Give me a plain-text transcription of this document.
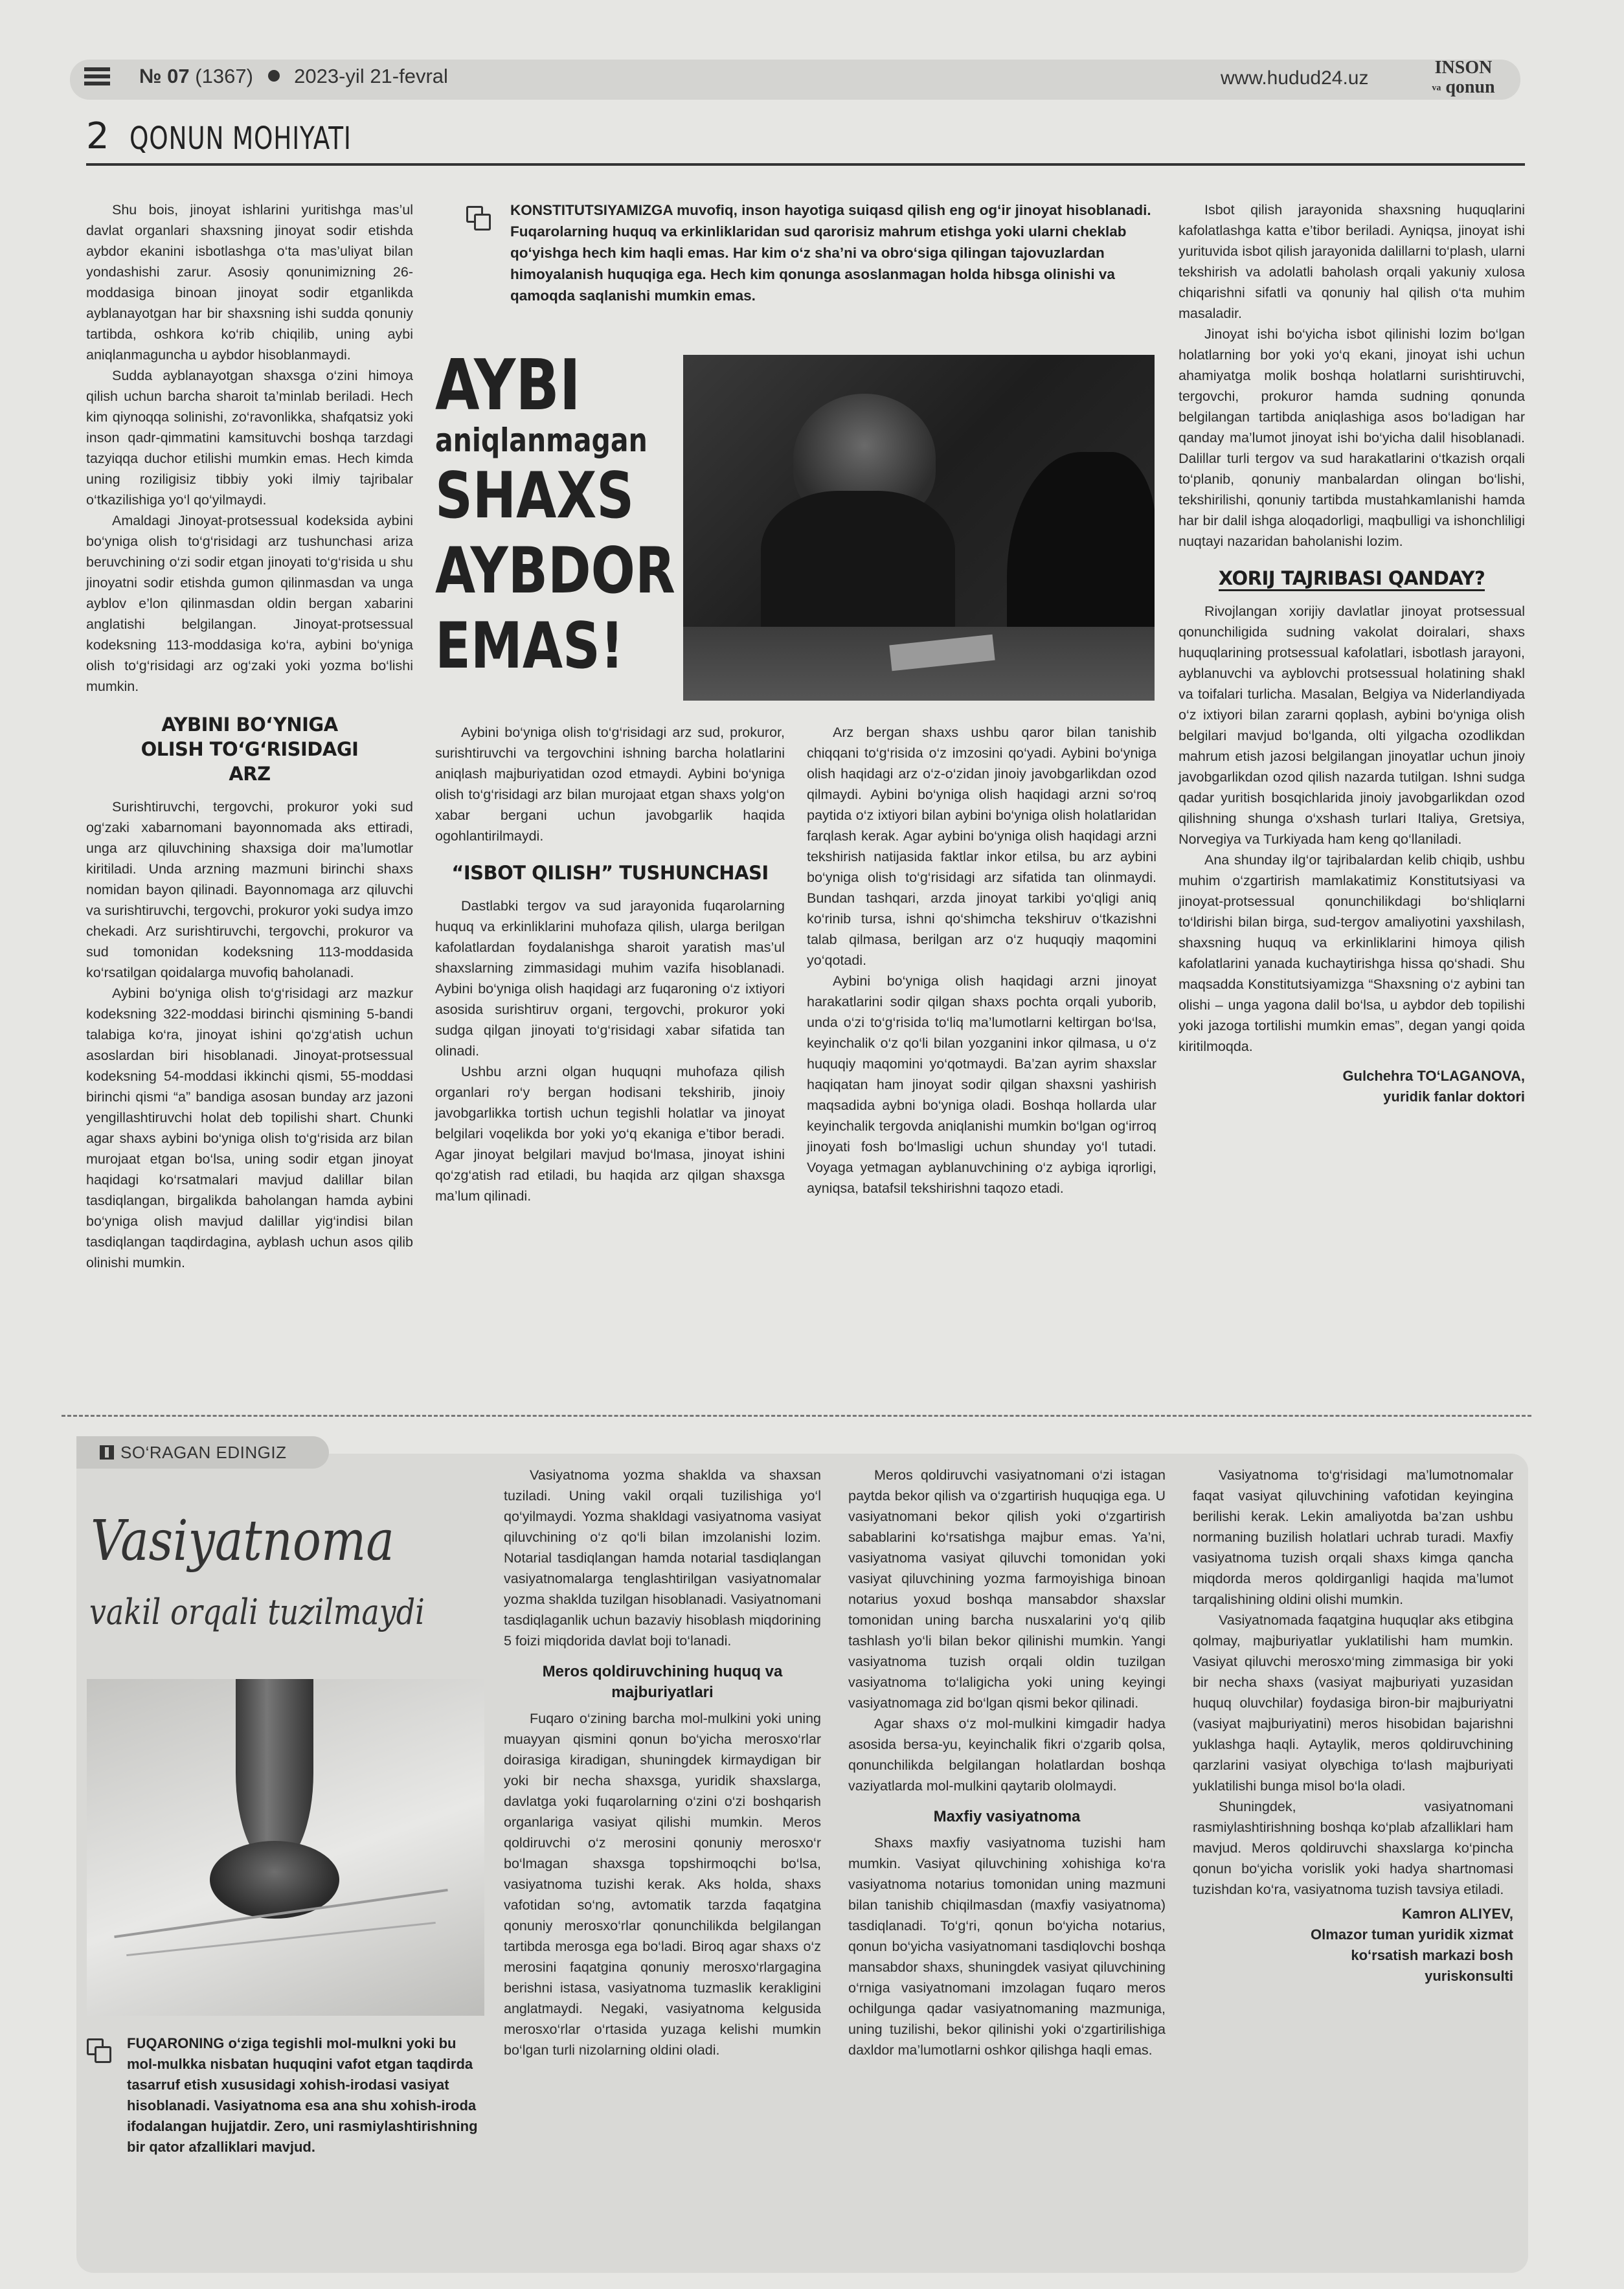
№ 07 (1367) 2023-yil 21-fevral	www.hudud24.uz	INSON
va qonun
2 QONUN MOHIYATI
KONSTITUTSIYAMIZGA muvofiq, inson hayotiga suiqasd qilish eng og‘ir jinoyat hisoblanadi. Fuqarolarning huquq va erkinliklaridan sud qarorisiz mahrum etishga yoki ularni cheklab qo‘yishga hech kim haqli emas. Har kim o‘z sha’ni va obro‘siga qilingan tajovuzlardan himoyalanish huquqiga ega. Hech kim qonunga asoslanmagan holda hibsga olinishi va qamoqda saqlanishi mumkin emas.
AYBI
aniqlanmagan
SHAXS
AYBDOR
EMAS!

Shu bois, jinoyat ishlarini yuritishga mas’ul davlat organlari shaxsning jinoyat sodir etishda aybdor ekanini isbotlashga o‘ta mas’uliyat bilan yondashishi zarur. Asosiy qonunimizning 26-moddasiga binoan jinoyat sodir etganlikda ayblanayotgan har bir shaxsning ishi sudda qonuniy tartibda, oshkora ko‘rib chiqilib, uning aybi aniqlanmaguncha u aybdor hisoblanmaydi.

Sudda ayblanayotgan shaxsga o‘zini himoya qilish uchun barcha sharoit ta’minlab beriladi. Hech kim qiynoqqa solinishi, zo‘ravonlikka, shafqatsiz yoki inson qadr-qimmatini kamsituvchi boshqa tarzdagi tazyiqqa duchor etilishi mumkin emas. Hech kimda uning roziligisiz tibbiy yoki ilmiy tajribalar o‘tkazilishiga yo‘l qo‘yilmaydi.

Amaldagi Jinoyat-protsessual kodeksida aybini bo‘yniga olish to‘g‘risidagi arz tushunchasi ariza beruvchining o‘zi sodir etgan jinoyati to‘g‘risida u shu jinoyatni sodir etishda gumon qilinmasdan va unga ayblov e’lon qilinmasdan oldin bergan xabarini anglatishi belgilangan. Jinoyat-protsessual kodeksning 113-moddasiga ko‘ra, aybini bo‘yniga olish to‘g‘risidagi arz og‘zaki yoki yozma bo‘lishi mumkin.

AYBINI BO‘YNIGA OLISH TO‘G‘RISIDAGI ARZ

Surishtiruvchi, tergovchi, prokuror yoki sud og‘zaki xabarnomani bayonnomada aks ettiradi, unga arz qiluvchining shaxsiga doir ma’lumotlar kiritiladi. Unda arzning mazmuni birinchi shaxs nomidan bayon qilinadi. Bayonnomaga arz qiluvchi va surishtiruvchi, tergovchi, prokuror yoki sudya imzo chekadi. Arz surishtiruvchi, tergovchi, prokuror va sud tomonidan kodeksning 113-moddasida ko‘rsatilgan qoidalarga muvofiq baholanadi.

Aybini bo‘yniga olish to‘g‘risidagi arz mazkur kodeksning 322-moddasi birinchi qismining 5-bandi talabiga ko‘ra, jinoyat ishini qo‘zg‘atish uchun asoslardan biri hisoblanadi. Jinoyat-protsessual kodeksning 54-moddasi ikkinchi qismi, 55-moddasi birinchi qismi “a” bandiga asosan bunday arz jazoni yengillashtiruvchi holat deb topilishi shart. Chunki agar shaxs aybini bo‘yniga olish to‘g‘risida arz bilan murojaat etgan bo‘lsa, uning sodir etgan jinoyat haqidagi ko‘rsatmalari mavjud dalillar bilan tasdiqlangan, birgalikda baholangan hamda aybini bo‘yniga olish mavjud dalillar yig‘indisi bilan tasdiqlangan taqdirdagina, ayblash uchun asos qilib olinishi mumkin.

Aybini bo‘yniga olish to‘g‘risidagi arz sud, prokuror, surishtiruvchi va tergovchini ishning barcha holatlarini aniqlash majburiyatidan ozod etmaydi. Aybini bo‘yniga olish to‘g‘risidagi arz bilan murojaat etgan shaxs yolg‘on xabar bergani uchun javobgarlik haqida ogohlantirilmaydi.

“ISBOT QILISH” TUSHUNCHASI

Dastlabki tergov va sud jarayonida fuqarolarning huquq va erkinliklarini muhofaza qilish, ularga berilgan kafolatlardan foydalanishga sharoit yaratish mas’ul shaxslarning zimmasidagi muhim vazifa hisoblanadi. Aybini bo‘yniga olish haqidagi arz fuqaroning o‘z ixtiyori asosida surishtiruv organi, tergovchi, prokuror yoki sudga qilgan jinoyati to‘g‘risidagi xabar sifatida tan olinadi.

Ushbu arzni olgan huquqni muhofaza qilish organlari ro‘y bergan hodisani tekshirib, jinoiy javobgarlikka tortish uchun tegishli holatlar va jinoyat belgilari voqelikda bor yoki yo‘q ekaniga e’tibor beradi. Agar jinoyat belgilari mavjud bo‘lmasa, jinoyat ishini qo‘zg‘atish rad etiladi, bu haqida arz qilgan shaxsga ma’lum qilinadi.

Arz bergan shaxs ushbu qaror bilan tanishib chiqqani to‘g‘risida o‘z imzosini qo‘yadi. Aybini bo‘yniga olish haqidagi arz o‘z-o‘zidan jinoiy javobgarlikdan ozod qilmaydi. Aybini bo‘yniga olish haqidagi arzni so‘roq paytida o‘z ixtiyori bilan aybini bo‘yniga olish holatlaridan farqlash kerak. Agar aybini bo‘yniga olish haqidagi arzni tekshirish natijasida faktlar inkor etilsa, bu arz aybini bo‘yniga olish to‘g‘risidagi arz sifatida tan olinmaydi. Bundan tashqari, arzda jinoyat tarkibi yo‘qligi aniq ko‘rinib tursa, ishni qo‘shimcha tekshiruv o‘tkazishni talab qilmasa, berilgan arz o‘z huquqiy maqomini yo‘qotadi.

Aybini bo‘yniga olish haqidagi arzni jinoyat harakatlarini sodir qilgan shaxs pochta orqali yuborib, unda o‘zi to‘g‘risida to‘liq ma’lumotlarni keltirgan bo‘lsa, keyinchalik o‘z qo‘li bilan yozganini inkor qilmasa, u o‘z huquqiy maqomini yo‘qotmaydi. Ba’zan ayrim shaxslar haqiqatan ham jinoyat sodir qilgan shaxsni yashirish maqsadida aybni bo‘yniga oladi. Boshqa hollarda ular keyinchalik tergovda aniqlanishi mumkin bo‘lgan og‘irroq jinoyati fosh bo‘lmasligi uchun shunday yo‘l tutadi. Voyaga yetmagan ayblanuvchining o‘z aybiga iqrorligi, ayniqsa, batafsil tekshirishni taqozo etadi.

Isbot qilish jarayonida shaxsning huquqlarini kafolatlashga katta e’tibor beriladi. Ayniqsa, jinoyat ishi yurituvida isbot qilish jarayonida dalillarni to‘plash, ularni tekshirish va adolatli baholash orqali yakuniy xulosa chiqarishni sifatli va qonuniy hal qilish o‘ta muhim masaladir.

Jinoyat ishi bo‘yicha isbot qilinishi lozim bo‘lgan holatlarning bor yoki yo‘q ekani, jinoyat ishi uchun ahamiyatga molik boshqa holatlarni surishtiruvchi, tergovchi, prokuror hamda sudning qonunda belgilangan tartibda aniqlashiga asos bo‘ladigan har qanday ma’lumot jinoyat ishi bo‘yicha dalil hisoblanadi. Dalillar turli tergov va sud harakatlarini o‘tkazish orqali to‘planib, qonuniy manbalardan olingan bo‘lishi, tekshirilishi, qonuniy tartibda mustahkamlanishi hamda har bir dalil ishga aloqadorligi, maqbulligi va ishonchliligi nuqtayi nazaridan baholanishi lozim.

XORIJ TAJRIBASI QANDAY?

Rivojlangan xorijiy davlatlar jinoyat protsessual qonunchiligida sudning vakolat doiralari, shaxs huquqlarining protsessual kafolatlari, isbotlash jarayoni, ayblanuvchi va ayblovchi protsessual holatining shakl va toifalari turlicha. Masalan, Belgiya va Niderlandiyada o‘z ixtiyori bilan zararni qoplash, aybini bo‘yniga olish belgilari mavjud bo‘lganda, olti yilgacha ozodlikdan mahrum etish jazosi belgilangan jinoyatlar uchun jinoiy javobgarlikdan ozod qilish nazarda tutilgan. Ishni sudga qadar yuritish bosqichlarida jinoiy javobgarlikdan ozod qilishning shunga o‘xshash turlari Italiya, Gretsiya, Norvegiya va Turkiyada ham keng qo‘llaniladi.

Ana shunday ilg‘or tajribalardan kelib chiqib, ushbu muhim o‘zgartirish mamlakatimiz Konstitutsiyasi va jinoyat-protsessual qonunchilikdagi bo‘shliqlarni to‘ldirishi bilan birga, sud-tergov amaliyotini yaxshilash, shaxsning huquq va erkinliklarini himoya qilish kafolatlarini yanada kuchaytirishga hissa qo‘shadi. Shu maqsadda Konstitutsiyamizga “Shaxsning o‘z aybini tan olishi – unga yagona dalil bo‘lsa, u aybdor deb topilishi yoki jazoga tortilishi mumkin emas”, degan yangi qoida kiritilmoqda.

Gulchehra TO‘LAGANOVA,
yuridik fanlar doktori
SO‘RAGAN EDINGIZ
Vasiyatnoma
vakil orqali tuzilmaydi
FUQARONING o‘ziga tegishli mol-mulkni yoki bu mol-mulkka nisbatan huquqini vafot etgan taqdirda tasarruf etish xususidagi xohish-irodasi vasiyat hisoblanadi. Vasiyatnoma esa ana shu xohish-iroda ifodalangan hujjatdir. Zero, uni rasmiylashtirishning bir qator afzalliklari mavjud.

Vasiyatnoma yozma shaklda va shaxsan tuziladi. Uning vakil orqali tuzilishiga yo‘l qo‘yilmaydi. Yozma shakldagi vasiyatnoma vasiyat qiluvchining o‘z qo‘li bilan imzolanishi lozim. Notarial tasdiqlangan hamda notarial tasdiqlangan vasiyatnomalarga tenglashtirilgan vasiyatnomalar yozma shaklda tuzilgan hisoblanadi. Vasiyatnomani tasdiqlaganlik uchun bazaviy hisoblash miqdorining 5 foizi miqdorida davlat boji to‘lanadi.

Meros qoldiruvchining huquq va majburiyatlari

Fuqaro o‘zining barcha mol-mulkini yoki uning muayyan qismini qonun bo‘yicha merosxo‘rlar doirasiga kiradigan, shuningdek kirmaydigan bir yoki bir necha shaxsga, yuridik shaxslarga, davlatga yoki fuqarolarning o‘zini o‘zi boshqarish organlariga vasiyat qilishi mumkin. Meros qoldiruvchi o‘z merosini qonuniy merosxo‘r bo‘lmagan shaxsga topshirmoqchi bo‘lsa, vasiyatnoma tuzishi kerak. Aks holda, shaxs vafotidan so‘ng, avtomatik tarzda faqatgina qonuniy merosxo‘rlar qonunchilikda belgilangan tartibda merosga ega bo‘ladi. Biroq agar shaxs o‘z merosini faqatgina qonuniy merosxo‘rlargagina berishni istasa, vasiyatnoma tuzmaslik kerakligini anglatmaydi. Negaki, vasiyatnoma kelgusida merosxo‘rlar o‘rtasida yuzaga kelishi mumkin bo‘lgan turli nizolarning oldini oladi.

Meros qoldiruvchi vasiyatnomani o‘zi istagan paytda bekor qilish va o‘zgartirish huquqiga ega. U vasiyatnomani bekor qilish yoki o‘zgartirish sabablarini ko‘rsatishga majbur emas. Ya’ni, vasiyatnoma vasiyat qiluvchi tomonidan yoki vasiyat qiluvchining yozma farmoyishiga binoan notarius yoxud boshqa mansabdor shaxslar tomonidan uning barcha nusxalarini yo‘q qilib tashlash yo‘li bilan bekor qilinishi mumkin. Yangi vasiyatnoma tuzish orqali oldin tuzilgan vasiyatnoma to‘laligicha yoki uning keyingi vasiyatnomaga zid bo‘lgan qismi bekor qilinadi.

Agar shaxs o‘z mol-mulkini kimgadir hadya asosida bersa-yu, keyinchalik fikri o‘zgarib qolsa, qonunchilikda belgilangan holatlardan boshqa vaziyatlarda mol-mulkini qaytarib ololmaydi.

Maxfiy vasiyatnoma

Shaxs maxfiy vasiyatnoma tuzishi ham mumkin. Vasiyat qiluvchining xohishiga ko‘ra vasiyatnoma notarius tomonidan uning mazmuni bilan tanishib chiqilmasdan (maxfiy vasiyatnoma) tasdiqlanadi. To‘g‘ri, qonun bo‘yicha notarius, qonun bo‘yicha vasiyatnomani tasdiqlovchi boshqa mansabdor shaxs, shuningdek vasiyat qiluvchining o‘rniga vasiyatnomani imzolagan fuqaro meros ochilgunga qadar vasiyatnomaning mazmuniga, uning tuzilishi, bekor qilinishi yoki o‘zgartirilishiga daxldor ma’lumotlarni oshkor qilishga haqli emas.

Vasiyatnoma to‘g‘risidagi ma’lumotnomalar faqat vasiyat qiluvchining vafotidan keyingina berilishi kerak. Lekin amaliyotda ba’zan ushbu normaning buzilish holatlari uchrab turadi. Maxfiy vasiyatnoma tuzish orqali shaxs kimga qancha miqdorda meros qoldirganligi haqida ma’lumot tarqalishining oldini olishi mumkin.

Vasiyatnomada faqatgina huquqlar aks etibgina qolmay, majburiyatlar yuklatilishi ham mumkin. Vasiyat qiluvchi merosxo‘ming zimmasiga bir yoki bir necha shaxs (vasiyat majburiyati yuzasidan huquq oluvchilar) foydasiga biron-bir majburiyatni (vasiyat majburiyatini) meros hisobidan bajarishni yuklashga haqli. Aytaylik, meros qoldiruvchining qarzlarini vasiyat olувchiga to‘lash majburiyati yuklatilishi bunga misol bo‘la oladi.

Shuningdek, vasiyatnomani rasmiylashtirishning boshqa ko‘plab afzalliklari ham mavjud. Meros qoldiruvchi shaxslarga ko‘pincha qonun bo‘yicha vorislik yoki hadya shartnomasi tuzishdan ko‘ra, vasiyatnoma tuzish tavsiya etiladi.

Kamron ALIYEV,
Olmazor tuman yuridik xizmat
ko‘rsatish markazi bosh
yuriskonsulti
